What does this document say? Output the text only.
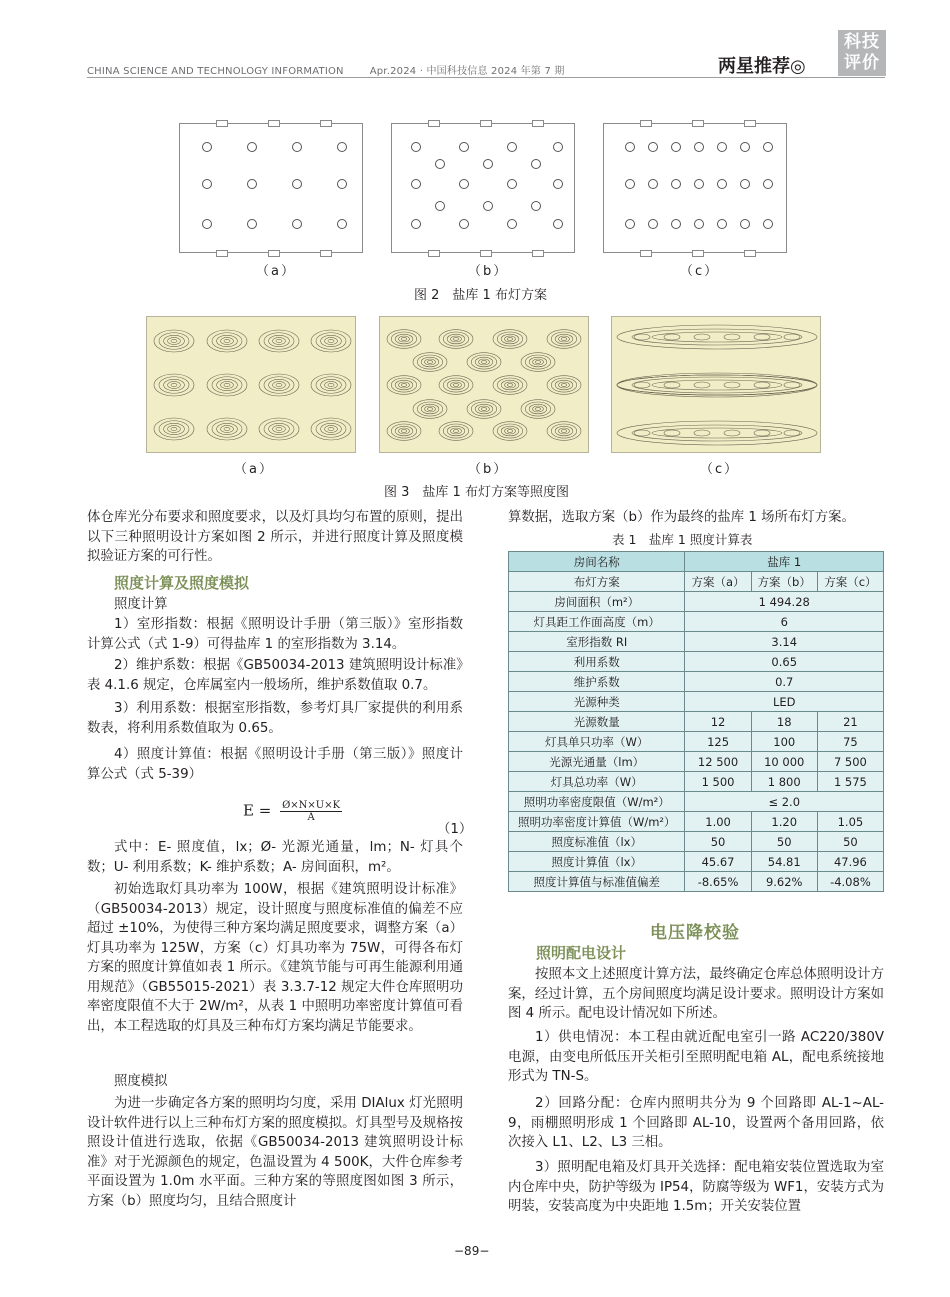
CHINA SCIENCE AND TECHNOLOGY INFORMATION	Apr.2024 · 中国科技信息 2024 年第 7 期	两星推荐◎
科技
评价
（a）	（b）	（c）
图 2　盐库 1 布灯方案
（a）	（b）	（c）
图 3　盐库 1 布灯方案等照度图
体仓库光分布要求和照度要求，以及灯具均匀布置的原则，提出以下三种照明设计方案如图 2 所示，并进行照度计算及照度模拟验证方案的可行性。
照度计算及照度模拟
照度计算
1）室形指数：根据《照明设计手册（第三版）》室形指数计算公式（式 1-9）可得盐库 1 的室形指数为 3.14。
2）维护系数：根据《GB50034-2013 建筑照明设计标准》表 4.1.6 规定，仓库属室内一般场所，维护系数值取 0.7。
3）利用系数：根据室形指数，参考灯具厂家提供的利用系数表，将利用系数值取为 0.65。
4）照度计算值：根据《照明设计手册（第三版）》照度计算公式（式 5-39）
$E = \frac{Ø\times N\times U\times K}{A}$
（1）
式中：E- 照度值，lx；Ø- 光源光通量，lm；N- 灯具个数；U- 利用系数；K- 维护系数；A- 房间面积，m²。
初始选取灯具功率为 100W，根据《建筑照明设计标准》（GB50034-2013）规定，设计照度与照度标准值的偏差不应超过 ±10%，为使得三种方案均满足照度要求，调整方案（a）灯具功率为 125W，方案（c）灯具功率为 75W，可得各布灯方案的照度计算值如表 1 所示。《建筑节能与可再生能源利用通用规范》（GB55015-2021）表 3.3.7-12 规定大件仓库照明功率密度限值不大于 2W/m²，从表 1 中照明功率密度计算值可看出，本工程选取的灯具及三种布灯方案均满足节能要求。
照度模拟
为进一步确定各方案的照明均匀度，采用 DIAlux 灯光照明设计软件进行以上三种布灯方案的照度模拟。灯具型号及规格按照设计值进行选取，依据《GB50034-2013 建筑照明设计标准》对于光源颜色的规定，色温设置为 4 500K，大件仓库参考平面设置为 1.0m 水平面。三种方案的等照度图如图 3 所示，方案（b）照度均匀，且结合照度计
算数据，选取方案（b）作为最终的盐库 1 场所布灯方案。
表 1　盐库 1 照度计算表
房间名称	盐库 1		
布灯方案	方案（a）	方案（b）	方案（c）
房间面积（m²）	1 494.28		
灯具距工作面高度（m）	6		
室形指数 RI	3.14		
利用系数	0.65		
维护系数	0.7		
光源种类	LED		
光源数量	12	18	21
灯具单只功率（W）	125	100	75
光源光通量（lm）	12 500	10 000	7 500
灯具总功率（W）	1 500	1 800	1 575
照明功率密度限值（W/m²）	≤ 2.0		
照明功率密度计算值（W/m²）	1.00	1.20	1.05
照度标准值（lx）	50	50	50
照度计算值（lx）	45.67	54.81	47.96
照度计算值与标准值偏差	-8.65%	9.62%	-4.08%
电压降校验
照明配电设计
按照本文上述照度计算方法，最终确定仓库总体照明设计方案，经过计算，五个房间照度均满足设计要求。照明设计方案如图 4 所示。配电设计情况如下所述。
1）供电情况：本工程由就近配电室引一路 AC220/380V 电源，由变电所低压开关柜引至照明配电箱 AL，配电系统接地形式为 TN-S。
2）回路分配：仓库内照明共分为 9 个回路即 AL-1~AL-9，雨棚照明形成 1 个回路即 AL-10，设置两个备用回路，依次接入 L1、L2、L3 三相。
3）照明配电箱及灯具开关选择：配电箱安装位置选取为室内仓库中央，防护等级为 IP54，防腐等级为 WF1，安装方式为明装，安装高度为中央距地 1.5m；开关安装位置
−89−
